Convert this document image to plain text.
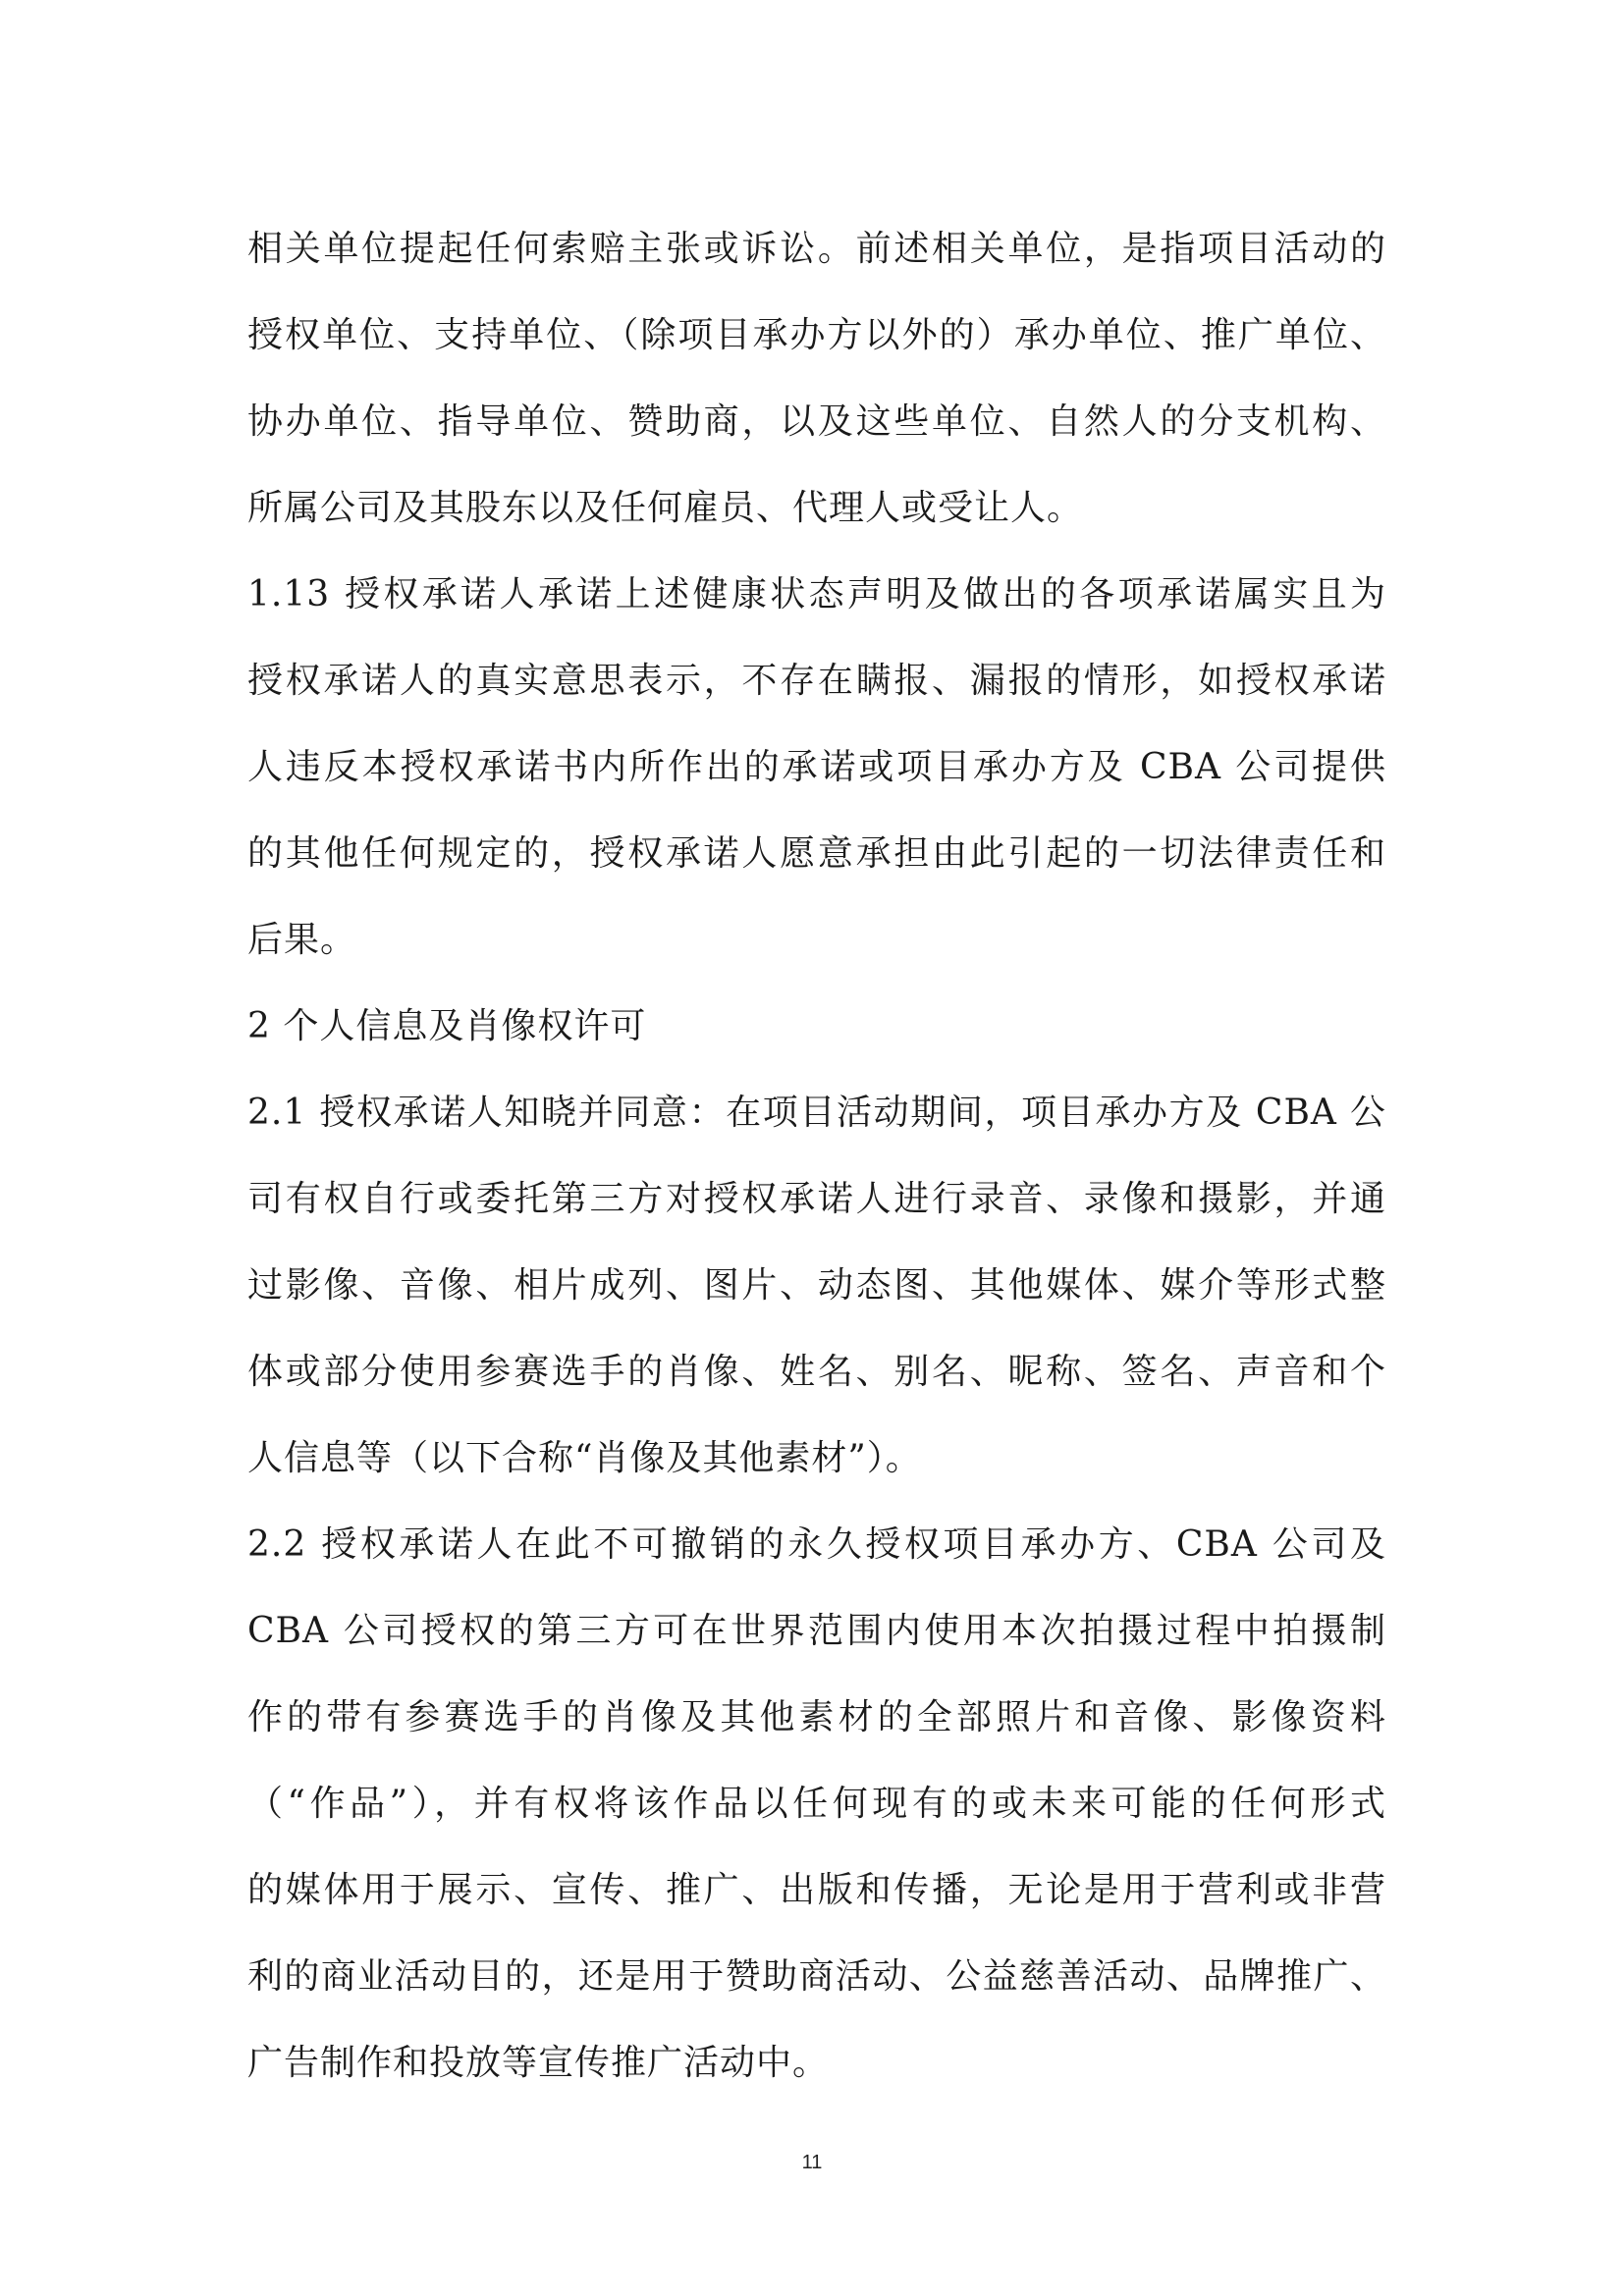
相关单位提起任何索赔主张或诉讼。前述相关单位，是指项目活动的
授权单位、支持单位、（除项目承办方以外的）承办单位、推广单位、
协办单位、指导单位、赞助商，以及这些单位、自然人的分支机构、
所属公司及其股东以及任何雇员、代理人或受让人。
1.13 授权承诺人承诺上述健康状态声明及做出的各项承诺属实且为
授权承诺人的真实意思表示，不存在瞒报、漏报的情形，如授权承诺
人违反本授权承诺书内所作出的承诺或项目承办方及 CBA 公司提供
的其他任何规定的，授权承诺人愿意承担由此引起的一切法律责任和
后果。
2 个人信息及肖像权许可
2.1 授权承诺人知晓并同意：在项目活动期间，项目承办方及 CBA 公
司有权自行或委托第三方对授权承诺人进行录音、录像和摄影，并通
过影像、音像、相片成列、图片、动态图、其他媒体、媒介等形式整
体或部分使用参赛选手的肖像、姓名、别名、昵称、签名、声音和个
人信息等（以下合称“肖像及其他素材”）。
2.2 授权承诺人在此不可撤销的永久授权项目承办方、CBA 公司及
CBA 公司授权的第三方可在世界范围内使用本次拍摄过程中拍摄制
作的带有参赛选手的肖像及其他素材的全部照片和音像、影像资料
（“作品”），并有权将该作品以任何现有的或未来可能的任何形式
的媒体用于展示、宣传、推广、出版和传播，无论是用于营利或非营
利的商业活动目的，还是用于赞助商活动、公益慈善活动、品牌推广、
广告制作和投放等宣传推广活动中。
11
